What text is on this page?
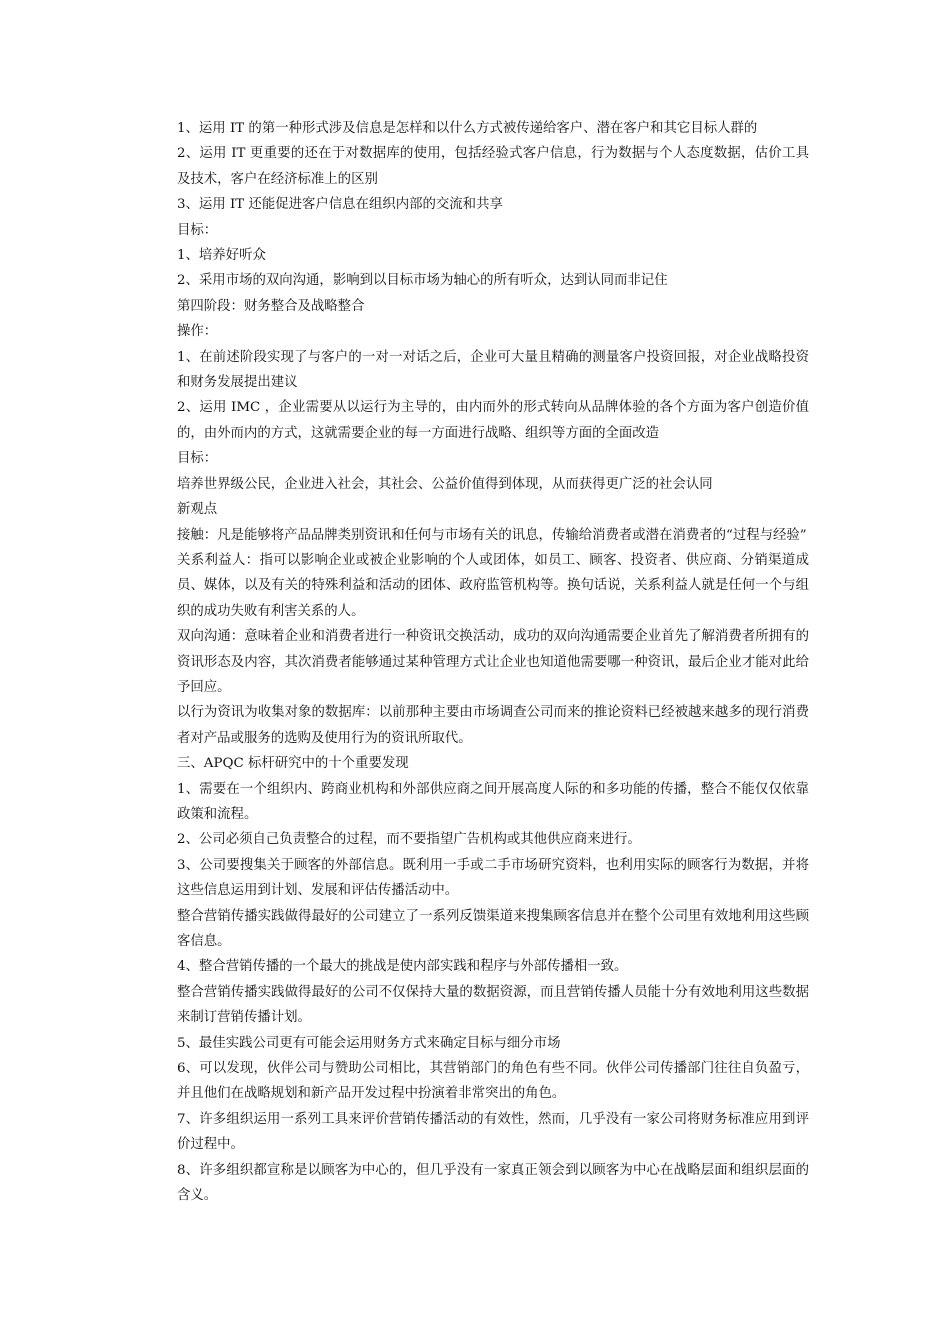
1、运用 IT 的第一种形式涉及信息是怎样和以什么方式被传递给客户、潜在客户和其它目标人群的

2、运用 IT 更重要的还在于对数据库的使用，包括经验式客户信息，行为数据与个人态度数据，估价工具及技术，客户在经济标准上的区别

3、运用 IT 还能促进客户信息在组织内部的交流和共享

目标：

1、培养好听众

2、采用市场的双向沟通，影响到以目标市场为轴心的所有听众，达到认同而非记住

第四阶段：财务整合及战略整合

操作：

1、在前述阶段实现了与客户的一对一对话之后，企业可大量且精确的测量客户投资回报，对企业战略投资和财务发展提出建议

2、运用 IMC ，企业需要从以运行为主导的，由内而外的形式转向从品牌体验的各个方面为客户创造价值的，由外而内的方式，这就需要企业的每一方面进行战略、组织等方面的全面改造

目标：

培养世界级公民，企业进入社会，其社会、公益价值得到体现，从而获得更广泛的社会认同

新观点

接触：凡是能够将产品品牌类别资讯和任何与市场有关的讯息，传输给消费者或潜在消费者的“过程与经验”

关系利益人：指可以影响企业或被企业影响的个人或团体，如员工、顾客、投资者、供应商、分销渠道成员、媒体，以及有关的特殊利益和活动的团体、政府监管机构等。换句话说，关系利益人就是任何一个与组织的成功失败有利害关系的人。

双向沟通：意味着企业和消费者进行一种资讯交换活动，成功的双向沟通需要企业首先了解消费者所拥有的资讯形态及内容，其次消费者能够通过某种管理方式让企业也知道他需要哪一种资讯，最后企业才能对此给予回应。

以行为资讯为收集对象的数据库：以前那种主要由市场调查公司而来的推论资料已经被越来越多的现行消费者对产品或服务的选购及使用行为的资讯所取代。

三、APQC 标杆研究中的十个重要发现

1、需要在一个组织内、跨商业机构和外部供应商之间开展高度人际的和多功能的传播，整合不能仅仅依靠政策和流程。

2、公司必须自己负责整合的过程，而不要指望广告机构或其他供应商来进行。

3、公司要搜集关于顾客的外部信息。既利用一手或二手市场研究资料，也利用实际的顾客行为数据，并将这些信息运用到计划、发展和评估传播活动中。

整合营销传播实践做得最好的公司建立了一系列反馈渠道来搜集顾客信息并在整个公司里有效地利用这些顾客信息。

4、整合营销传播的一个最大的挑战是使内部实践和程序与外部传播相一致。

整合营销传播实践做得最好的公司不仅保持大量的数据资源，而且营销传播人员能十分有效地利用这些数据来制订营销传播计划。

5、最佳实践公司更有可能会运用财务方式来确定目标与细分市场

6、可以发现，伙伴公司与赞助公司相比，其营销部门的角色有些不同。伙伴公司传播部门往往自负盈亏，并且他们在战略规划和新产品开发过程中扮演着非常突出的角色。

7、许多组织运用一系列工具来评价营销传播活动的有效性，然而，几乎没有一家公司将财务标准应用到评价过程中。

8、许多组织都宣称是以顾客为中心的，但几乎没有一家真正领会到以顾客为中心在战略层面和组织层面的含义。
